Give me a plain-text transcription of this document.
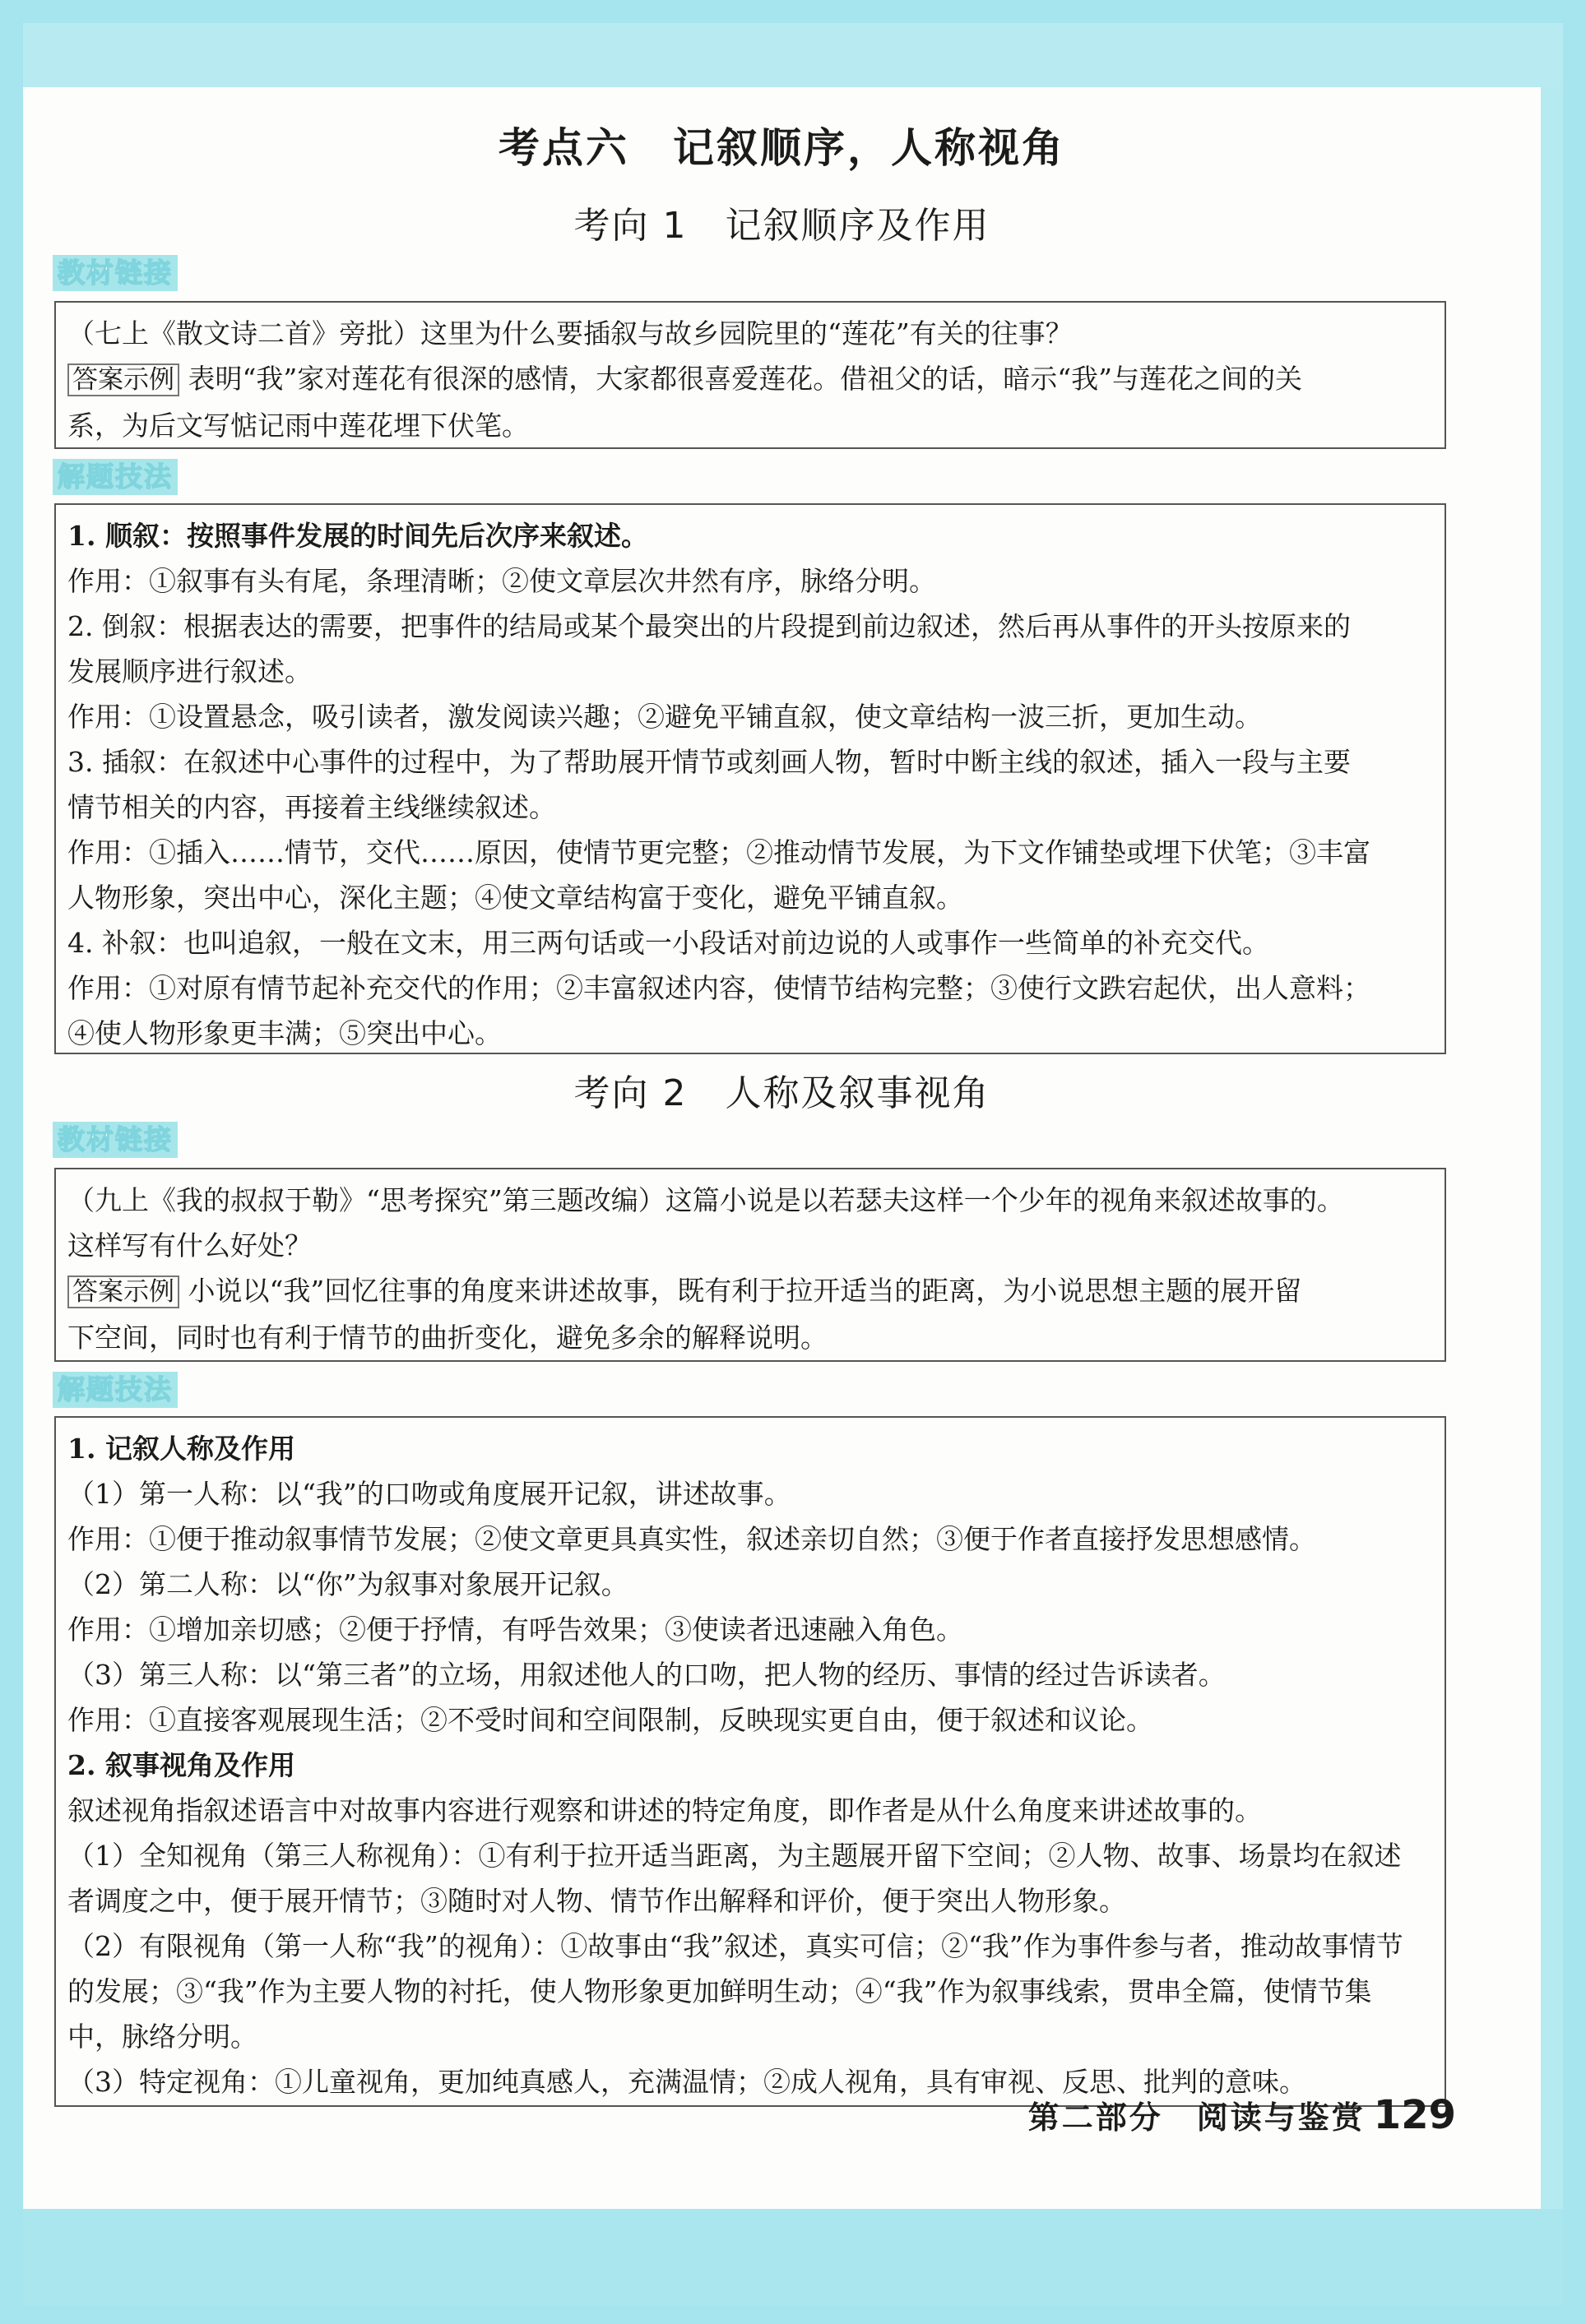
考点六　记叙顺序，人称视角
考向 1　记叙顺序及作用
教材链接

（七上《散文诗二首》旁批）这里为什么要插叙与故乡园院里的“莲花”有关的往事？

答案示例 表明“我”家对莲花有很深的感情，大家都很喜爱莲花。借祖父的话，暗示“我”与莲花之间的关

系，为后文写惦记雨中莲花埋下伏笔。

解题技法

1. 顺叙：按照事件发展的时间先后次序来叙述。

作用：①叙事有头有尾，条理清晰；②使文章层次井然有序，脉络分明。

2. 倒叙：根据表达的需要，把事件的结局或某个最突出的片段提到前边叙述，然后再从事件的开头按原来的

发展顺序进行叙述。

作用：①设置悬念，吸引读者，激发阅读兴趣；②避免平铺直叙，使文章结构一波三折，更加生动。

3. 插叙：在叙述中心事件的过程中，为了帮助展开情节或刻画人物，暂时中断主线的叙述，插入一段与主要

情节相关的内容，再接着主线继续叙述。

作用：①插入……情节，交代……原因，使情节更完整；②推动情节发展，为下文作铺垫或埋下伏笔；③丰富

人物形象，突出中心，深化主题；④使文章结构富于变化，避免平铺直叙。

4. 补叙：也叫追叙，一般在文末，用三两句话或一小段话对前边说的人或事作一些简单的补充交代。

作用：①对原有情节起补充交代的作用；②丰富叙述内容，使情节结构完整；③使行文跌宕起伏，出人意料；

④使人物形象更丰满；⑤突出中心。

考向 2　人称及叙事视角
教材链接

（九上《我的叔叔于勒》“思考探究”第三题改编）这篇小说是以若瑟夫这样一个少年的视角来叙述故事的。

这样写有什么好处？

答案示例 小说以“我”回忆往事的角度来讲述故事，既有利于拉开适当的距离，为小说思想主题的展开留

下空间，同时也有利于情节的曲折变化，避免多余的解释说明。

解题技法

1. 记叙人称及作用

（1）第一人称：以“我”的口吻或角度展开记叙，讲述故事。

作用：①便于推动叙事情节发展；②使文章更具真实性，叙述亲切自然；③便于作者直接抒发思想感情。

（2）第二人称：以“你”为叙事对象展开记叙。

作用：①增加亲切感；②便于抒情，有呼告效果；③使读者迅速融入角色。

（3）第三人称：以“第三者”的立场，用叙述他人的口吻，把人物的经历、事情的经过告诉读者。

作用：①直接客观展现生活；②不受时间和空间限制，反映现实更自由，便于叙述和议论。

2. 叙事视角及作用

叙述视角指叙述语言中对故事内容进行观察和讲述的特定角度，即作者是从什么角度来讲述故事的。

（1）全知视角（第三人称视角）：①有利于拉开适当距离，为主题展开留下空间；②人物、故事、场景均在叙述

者调度之中，便于展开情节；③随时对人物、情节作出解释和评价，便于突出人物形象。

（2）有限视角（第一人称“我”的视角）：①故事由“我”叙述，真实可信；②“我”作为事件参与者，推动故事情节

的发展；③“我”作为主要人物的衬托，使人物形象更加鲜明生动；④“我”作为叙事线索，贯串全篇，使情节集

中，脉络分明。

（3）特定视角：①儿童视角，更加纯真感人，充满温情；②成人视角，具有审视、反思、批判的意味。

第二部分　阅读与鉴赏 129
